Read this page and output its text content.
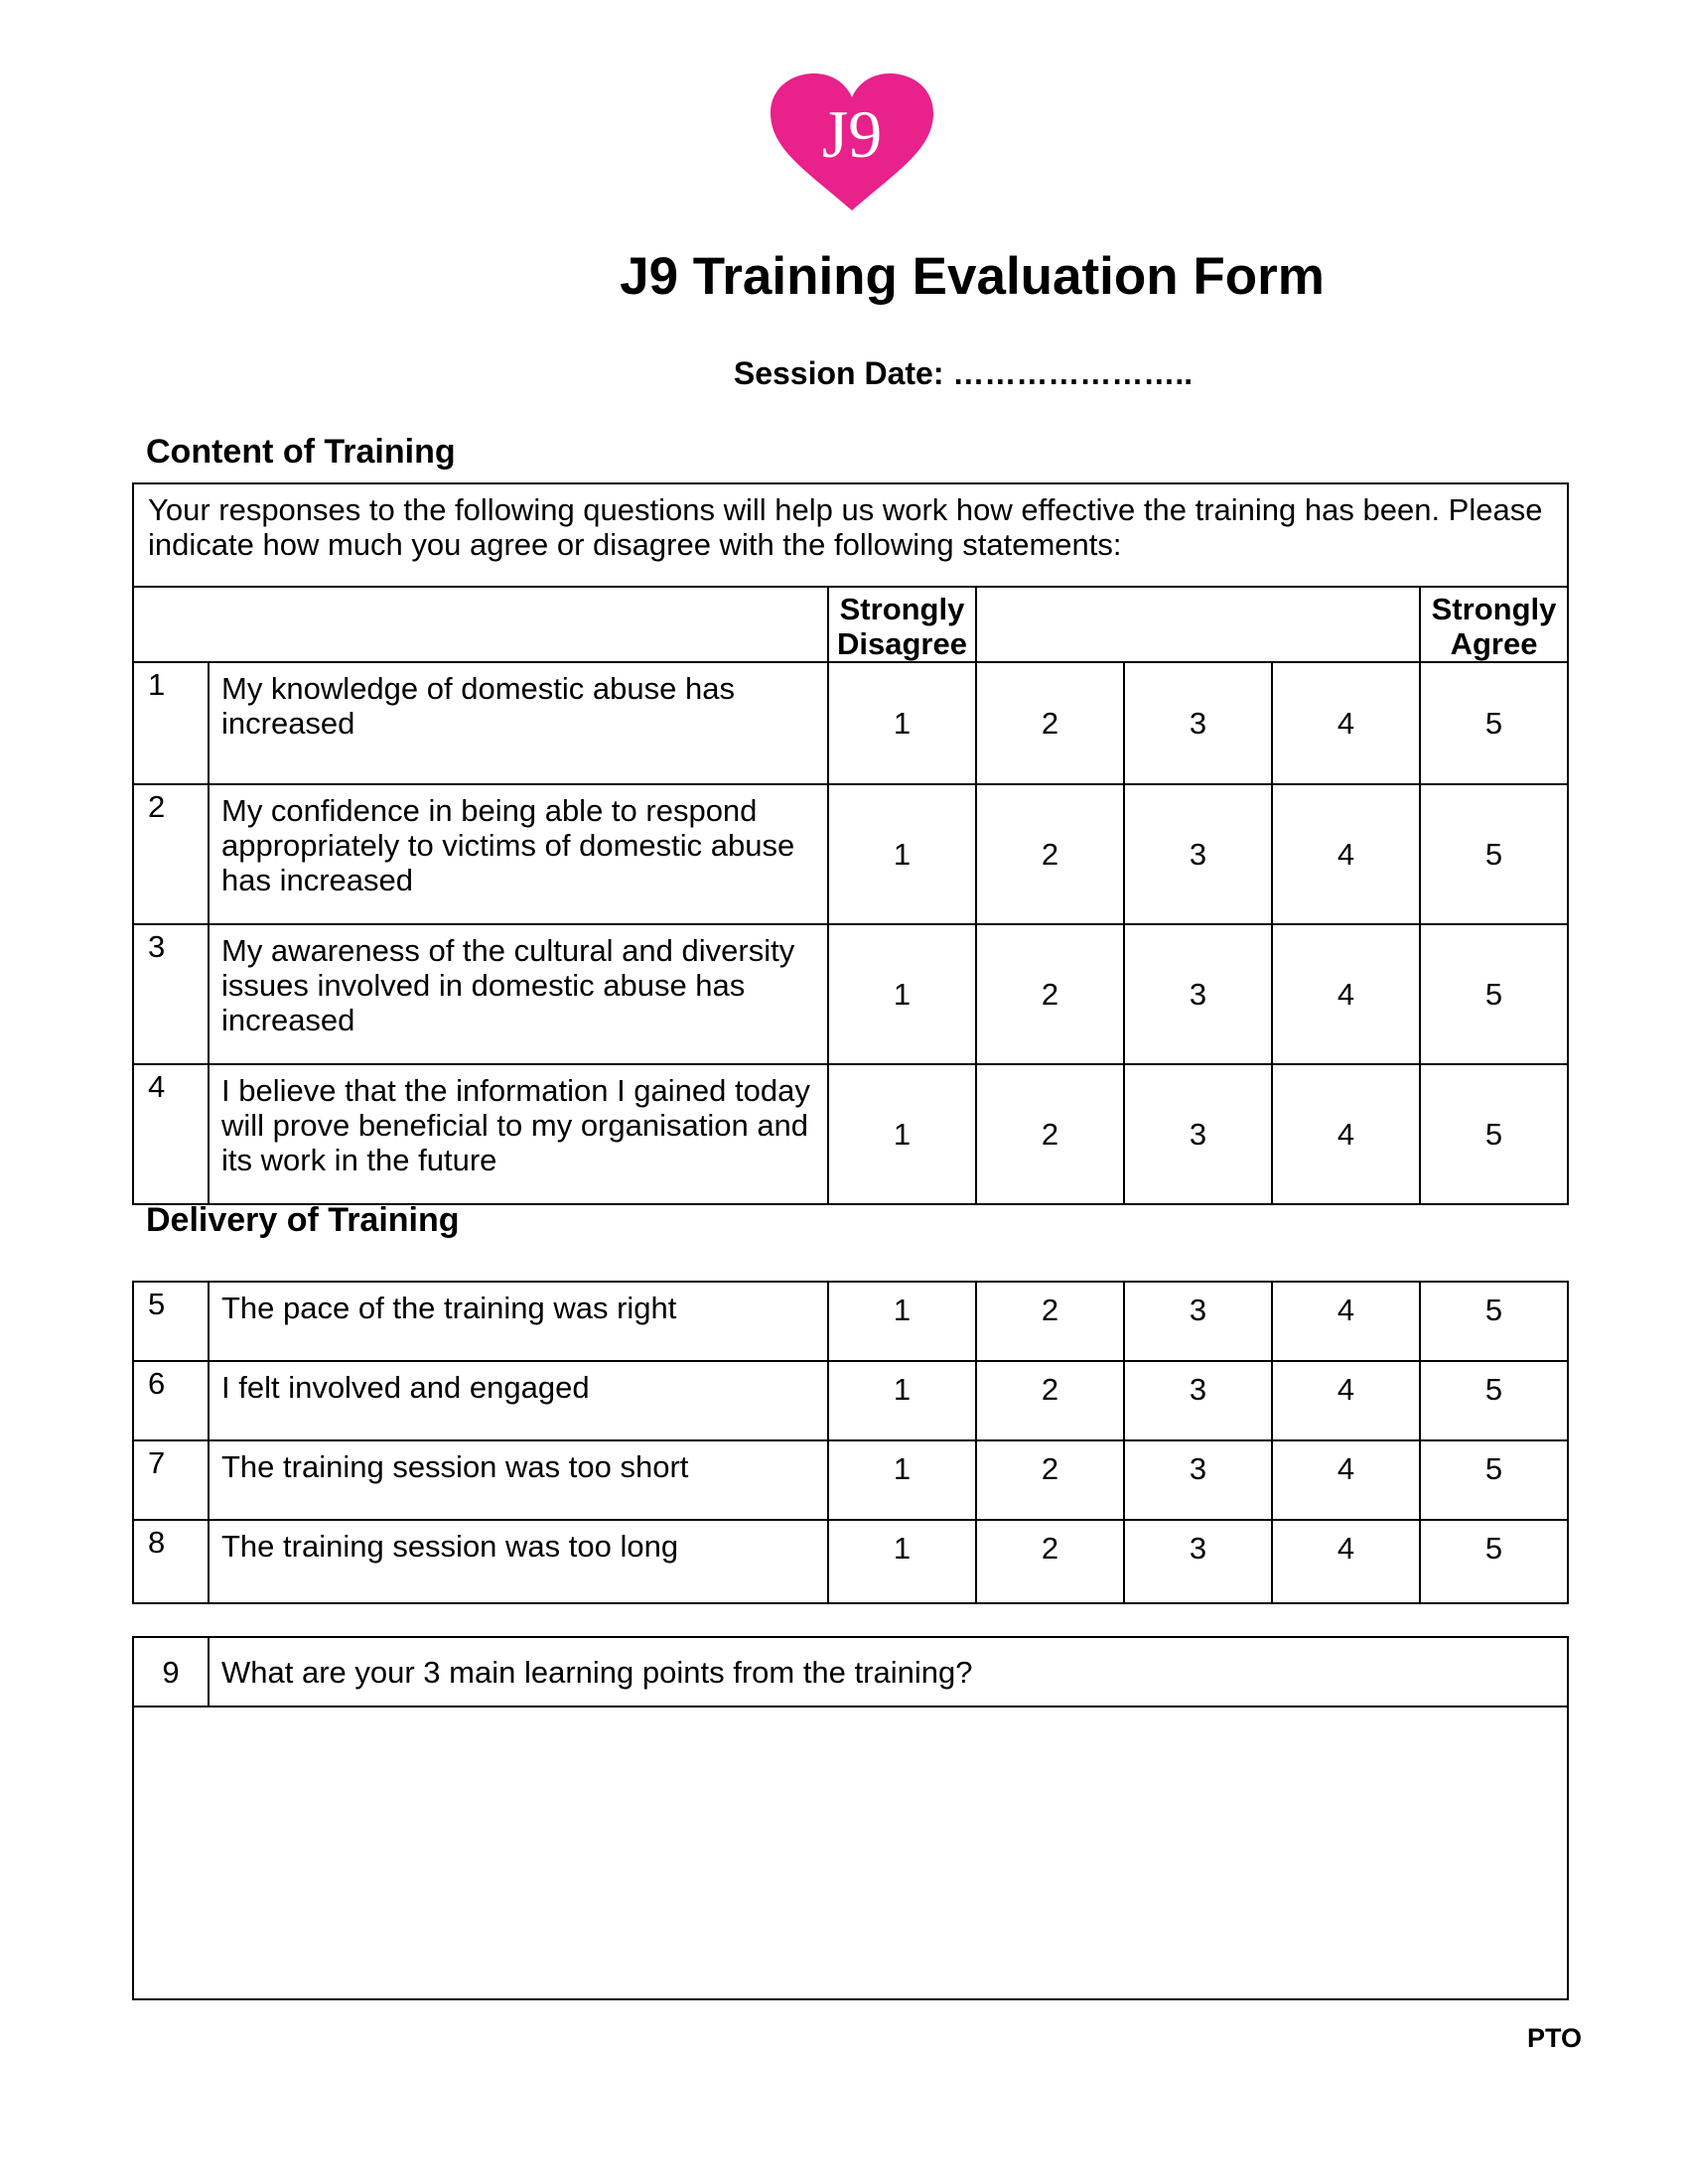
J9
J9 Training Evaluation Form
Session Date: …………………..
Content of Training
Your responses to the following questions will help us work how effective the training has been. Please indicate how much you agree or disagree with the following statements:						
		Strongly Disagree				Strongly Agree
1	My knowledge of domestic abuse has increased	1	2	3	4	5
2	My confidence in being able to respond appropriately to victims of domestic abuse has increased	1	2	3	4	5
3	My awareness of the cultural and diversity issues involved in domestic abuse has increased	1	2	3	4	5
4	I believe that the information I gained today will prove beneficial to my organisation and its work in the future	1	2	3	4	5
Delivery of Training
5	The pace of the training was right	1	2	3	4	5
6	I felt involved and engaged	1	2	3	4	5
7	The training session was too short	1	2	3	4	5
8	The training session was too long	1	2	3	4	5
9	What are your 3 main learning points from the training?

PTO
